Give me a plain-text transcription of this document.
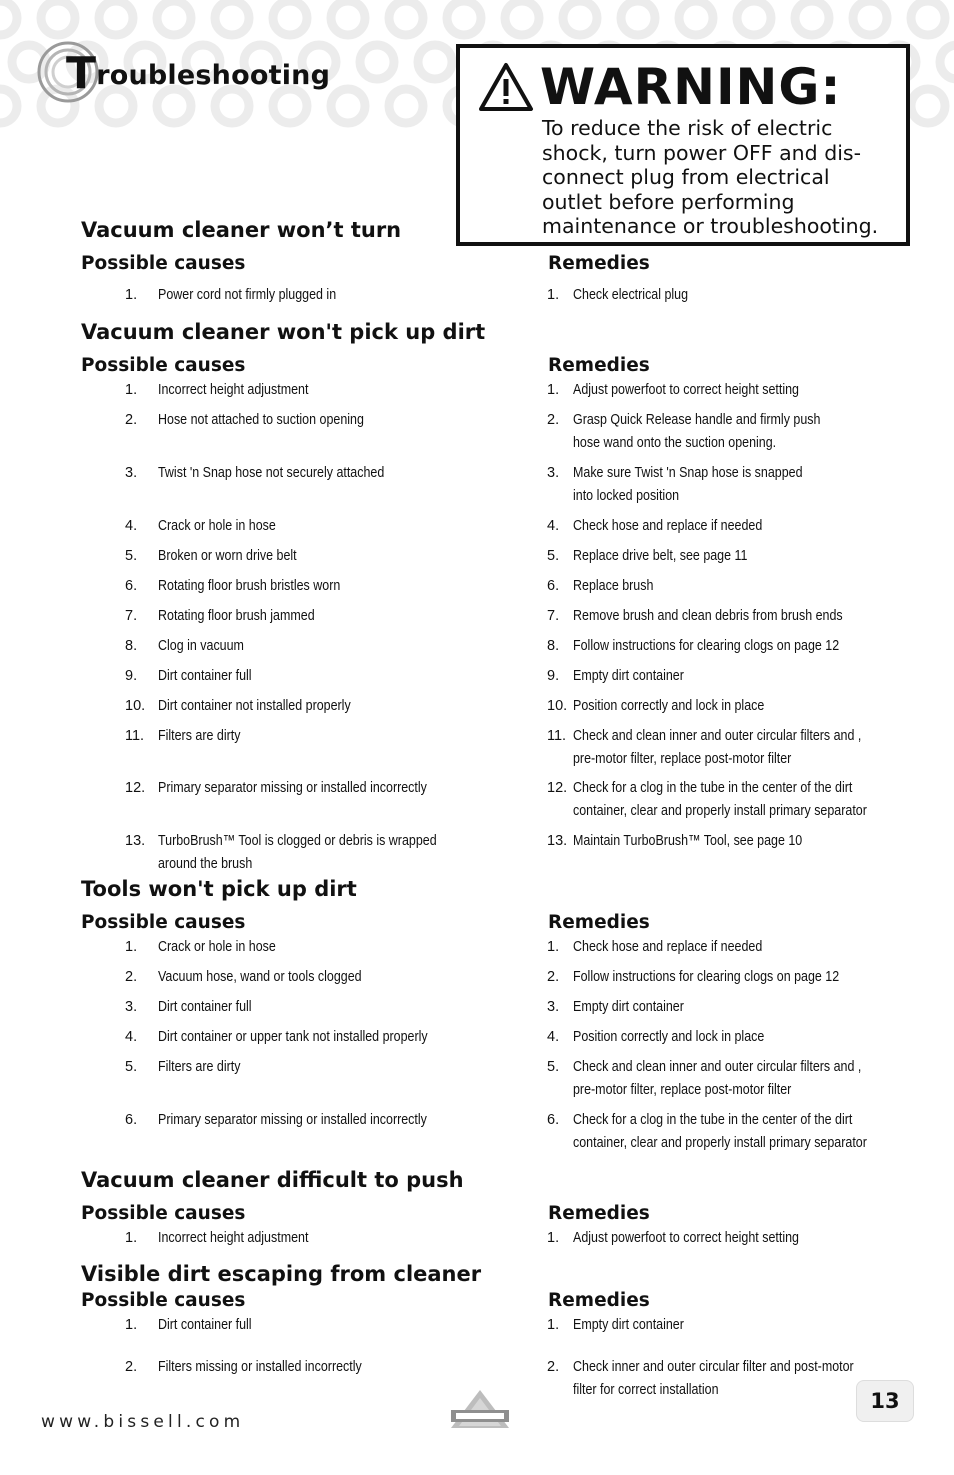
Troubleshooting	WARNING:
To reduce the risk of electric
shock, turn power OFF and dis-
connect plug from electrical
outlet before performing
maintenance or troubleshooting.
Vacuum cleaner won’t turn
Possible causes	Remedies
1. Power cord not firmly plugged in	1. Check electrical plug
Vacuum cleaner won't pick up dirt
Possible causes	Remedies
1. Incorrect height adjustment	1. Adjust powerfoot to correct height setting
2. Hose not attached to suction opening	2. Grasp Quick Release handle and firmly push
hose wand onto the suction opening.
3. Twist 'n Snap hose not securely attached	3. Make sure Twist 'n Snap hose is snapped
into locked position
4. Crack or hole in hose	4. Check hose and replace if needed
5. Broken or worn drive belt	5. Replace drive belt, see page 11
6. Rotating floor brush bristles worn	6. Replace brush
7. Rotating floor brush jammed	7. Remove brush and clean debris from brush ends
8. Clog in vacuum	8. Follow instructions for clearing clogs on page 12
9. Dirt container full	9. Empty dirt container
10. Dirt container not installed properly	10. Position correctly and lock in place
11. Filters are dirty	11. Check and clean inner and outer circular filters and ,
pre-motor filter, replace post-motor filter
12. Primary separator missing or installed incorrectly	12. Check for a clog in the tube in the center of the dirt
container, clear and properly install primary separator
13. TurboBrush™ Tool is clogged or debris is wrapped
around the brush
13. Maintain TurboBrush™ Tool, see page 10
Tools won't pick up dirt
Possible causes	Remedies
1. Crack or hole in hose	1. Check hose and replace if needed
2. Vacuum hose, wand or tools clogged	2. Follow instructions for clearing clogs on page 12
3. Dirt container full	3. Empty dirt container
4. Dirt container or upper tank not installed properly	4. Position correctly and lock in place
5. Filters are dirty	5. Check and clean inner and outer circular filters and ,
pre-motor filter, replace post-motor filter
6. Primary separator missing or installed incorrectly	6. Check for a clog in the tube in the center of the dirt
container, clear and properly install primary separator
Vacuum cleaner difficult to push
Possible causes	Remedies
1. Incorrect height adjustment	1. Adjust powerfoot to correct height setting
Visible dirt escaping from cleaner
Possible causes	Remedies
1. Dirt container full	1. Empty dirt container
2. Filters missing or installed incorrectly	2. Check inner and outer circular filter and post-motor
filter for correct installation
www.bissell.com
13
